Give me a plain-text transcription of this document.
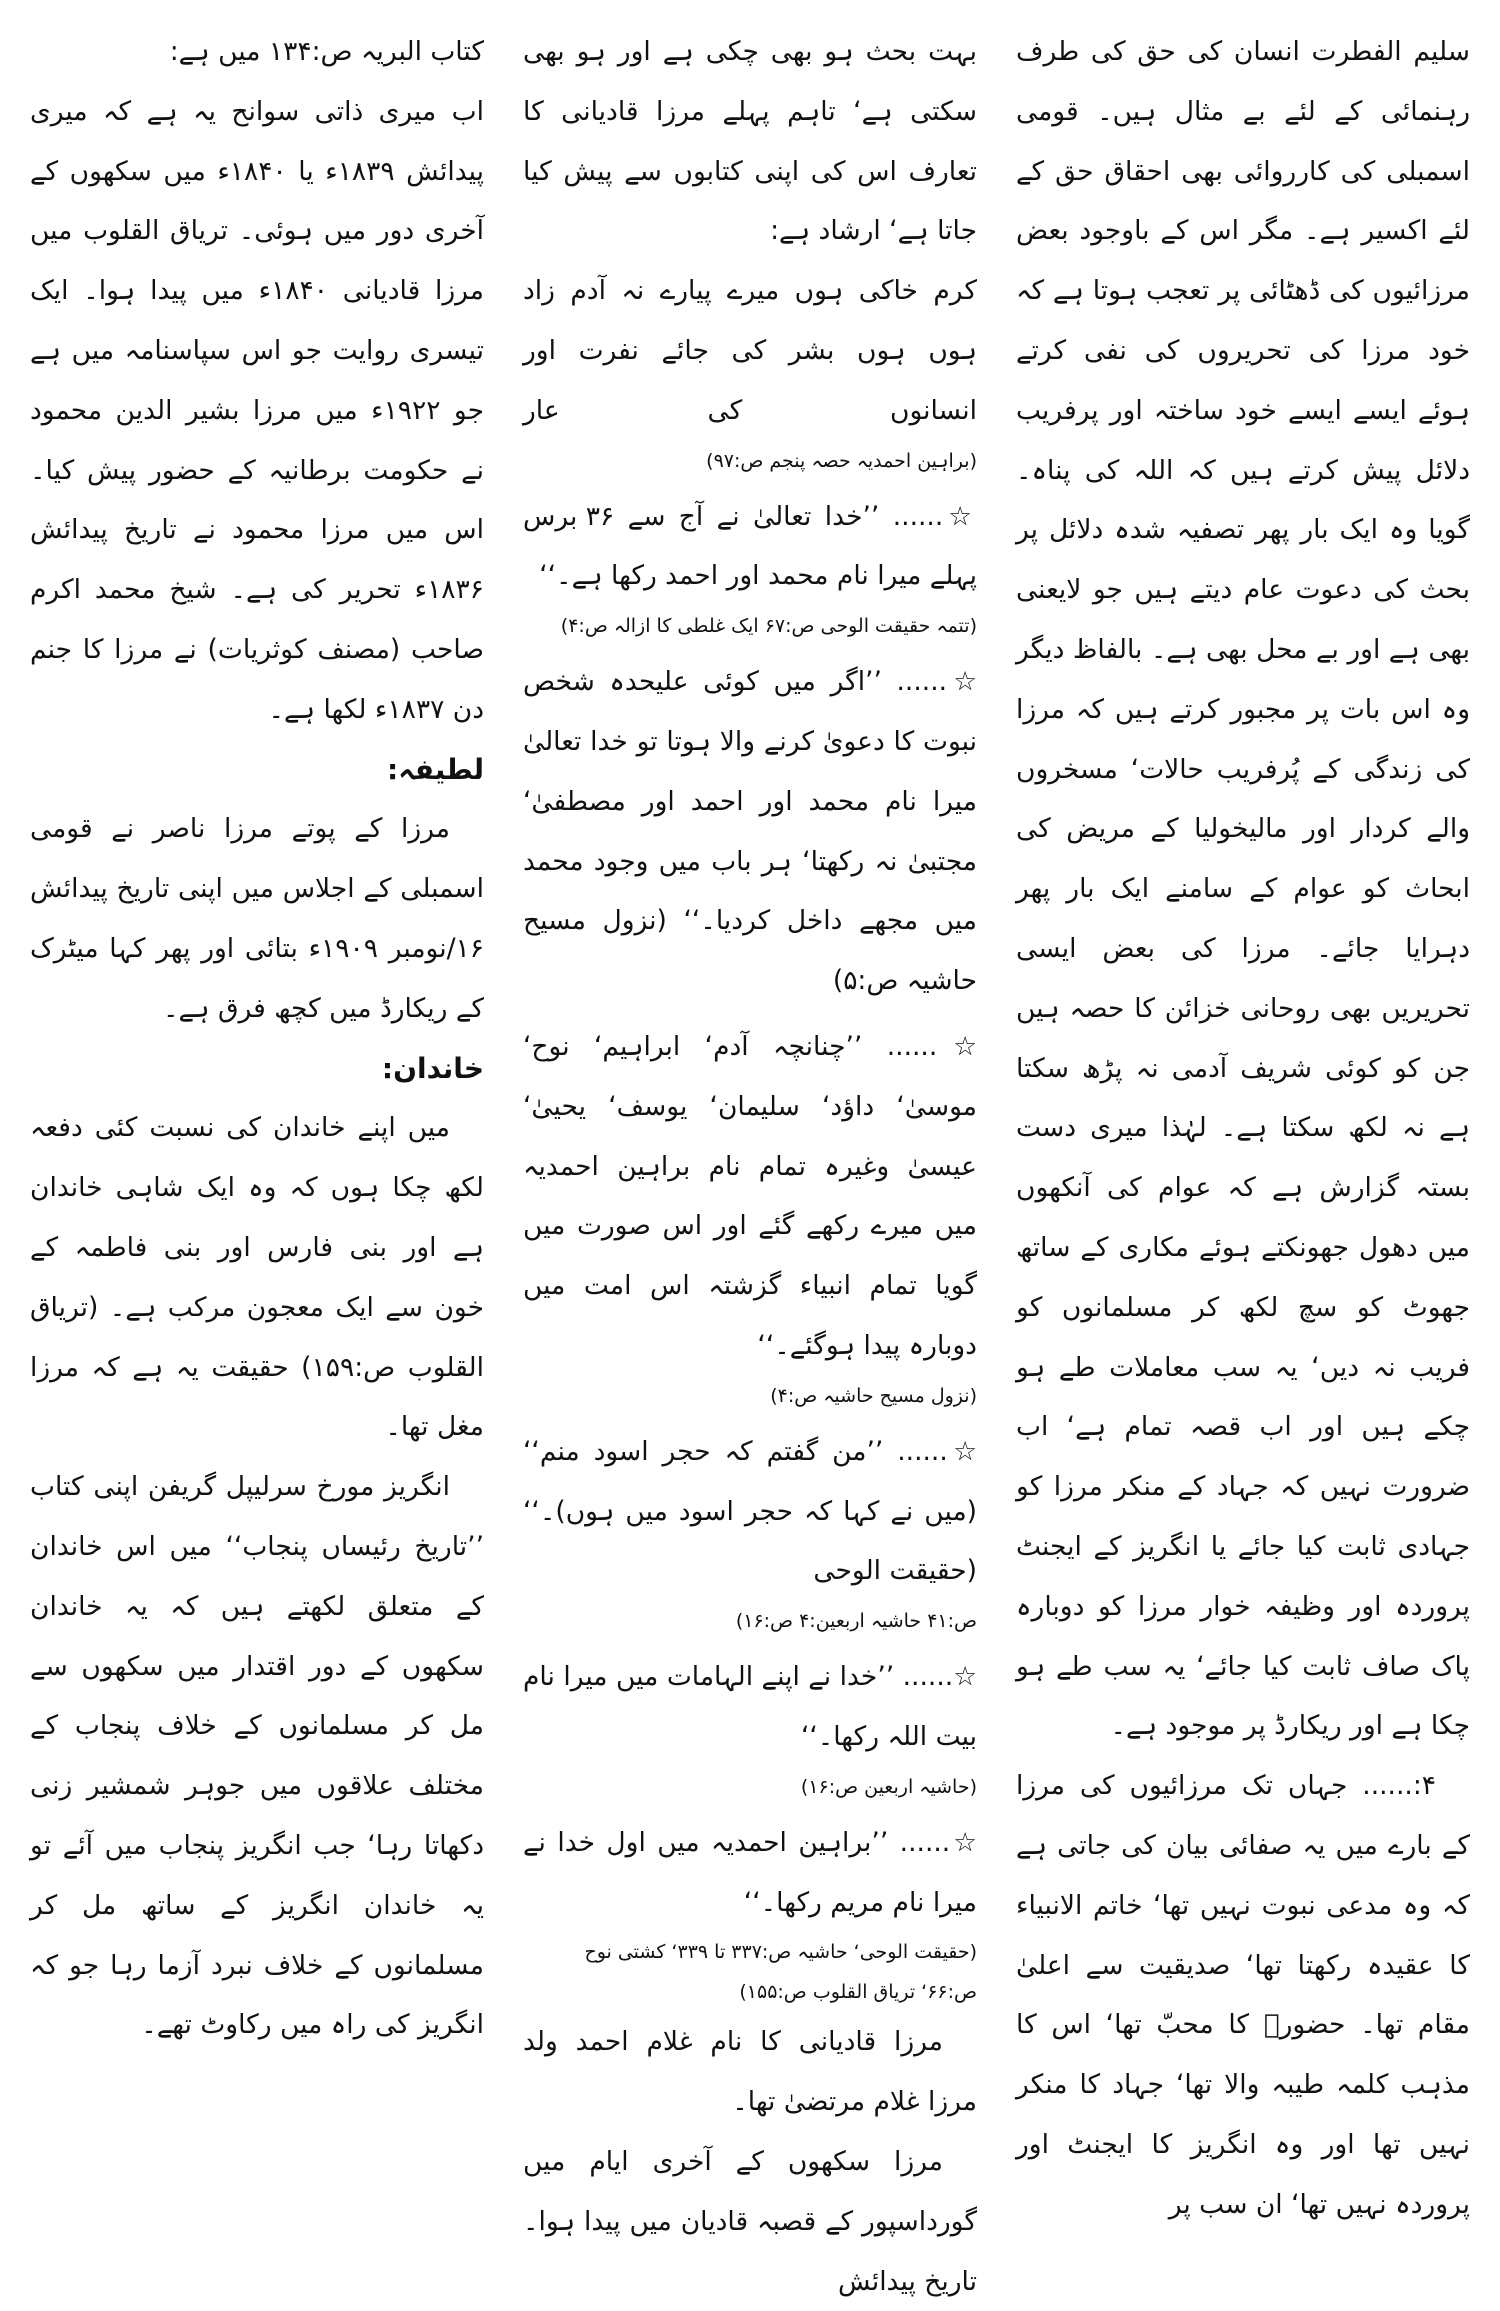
سلیم الفطرت انسان کی حق کی طرف رہنمائی کے لئے بے مثال ہیں۔ قومی اسمبلی کی کارروائی بھی احقاق حق کے لئے اکسیر ہے۔ مگر اس کے باوجود بعض مرزائیوں کی ڈھٹائی پر تعجب ہوتا ہے کہ خود مرزا کی تحریروں کی نفی کرتے ہوئے ایسے ایسے خود ساختہ اور پرفریب دلائل پیش کرتے ہیں کہ اللہ کی پناہ۔ گویا وہ ایک بار پھر تصفیہ شدہ دلائل پر بحث کی دعوت عام دیتے ہیں جو لایعنی بھی ہے اور بے محل بھی ہے۔ بالفاظ دیگر وہ اس بات پر مجبور کرتے ہیں کہ مرزا کی زندگی کے پُرفریب حالات‘ مسخروں والے کردار اور مالیخولیا کے مریض کی ابحاث کو عوام کے سامنے ایک بار پھر دہرایا جائے۔ مرزا کی بعض ایسی تحریریں بھی روحانی خزائن کا حصہ ہیں جن کو کوئی شریف آدمی نہ پڑھ سکتا ہے نہ لکھ سکتا ہے۔ لہٰذا میری دست بستہ گزارش ہے کہ عوام کی آنکھوں میں دھول جھونکتے ہوئے مکاری کے ساتھ جھوٹ کو سچ لکھ کر مسلمانوں کو فریب نہ دیں‘ یہ سب معاملات طے ہو چکے ہیں اور اب قصہ تمام ہے‘ اب ضرورت نہیں کہ جہاد کے منکر مرزا کو جہادی ثابت کیا جائے یا انگریز کے ایجنٹ پروردہ اور وظیفہ خوار مرزا کو دوبارہ پاک صاف ثابت کیا جائے‘ یہ سب طے ہو چکا ہے اور ریکارڈ پر موجود ہے۔

۴:...... جہاں تک مرزائیوں کی مرزا کے بارے میں یہ صفائی بیان کی جاتی ہے کہ وہ مدعی نبوت نہیں تھا‘ خاتم الانبیاء کا عقیدہ رکھتا تھا‘ صدیقیت سے اعلیٰ مقام تھا۔ حضورؐ کا محبّ تھا‘ اس کا مذہب کلمہ طیبہ والا تھا‘ جہاد کا منکر نہیں تھا اور وہ انگریز کا ایجنٹ اور پروردہ نہیں تھا‘ ان سب پر

بہت بحث ہو بھی چکی ہے اور ہو بھی سکتی ہے‘ تاہم پہلے مرزا قادیانی کا تعارف اس کی اپنی کتابوں سے پیش کیا جاتا ہے‘ ارشاد ہے:

کرم خاکی ہوں میرے پیارے نہ آدم زاد ہوں ہوں بشر کی جائے نفرت اور انسانوں کی عار

(براہین احمدیہ حصہ پنجم ص:۹۷)

☆...... ’’خدا تعالیٰ نے آج سے ۳۶ برس پہلے میرا نام محمد اور احمد رکھا ہے۔‘‘

(تتمہ حقیقت الوحی ص:۶۷ ایک غلطی کا ازالہ ص:۴)

☆...... ’’اگر میں کوئی علیحدہ شخص نبوت کا دعویٰ کرنے والا ہوتا تو خدا تعالیٰ میرا نام محمد اور احمد اور مصطفیٰ‘ مجتبیٰ نہ رکھتا‘ ہر باب میں وجود محمد میں مجھے داخل کردیا۔‘‘ (نزول مسیح حاشیہ ص:۵)

☆...... ’’چنانچہ آدم‘ ابراہیم‘ نوح‘ موسیٰ‘ داؤد‘ سلیمان‘ یوسف‘ یحییٰ‘ عیسیٰ وغیرہ تمام نام براہین احمدیہ میں میرے رکھے گئے اور اس صورت میں گویا تمام انبیاء گزشتہ اس امت میں دوبارہ پیدا ہوگئے۔‘‘

(نزول مسیح حاشیہ ص:۴)

☆...... ’’من گفتم کہ حجر اسود منم‘‘ (میں نے کہا کہ حجر اسود میں ہوں)۔‘‘ (حقیقت الوحی

ص:۴۱ حاشیہ اربعین:۴ ص:۱۶)

☆...... ’’خدا نے اپنے الہامات میں میرا نام بیت اللہ رکھا۔‘‘

(حاشیہ اربعین ص:۱۶)

☆...... ’’براہین احمدیہ میں اول خدا نے میرا نام مریم رکھا۔‘‘

(حقیقت الوحی‘ حاشیہ ص:۳۳۷ تا ۳۳۹‘ کشتی نوح ص:۶۶‘ تریاق القلوب ص:۱۵۵)

مرزا قادیانی کا نام غلام احمد ولد مرزا غلام مرتضیٰ تھا۔

مرزا سکھوں کے آخری ایام میں گورداسپور کے قصبہ قادیان میں پیدا ہوا۔ تاریخ پیدائش

کتاب البریہ ص:۱۳۴ میں ہے:

اب میری ذاتی سوانح یہ ہے کہ میری پیدائش ۱۸۳۹ء یا ۱۸۴۰ء میں سکھوں کے آخری دور میں ہوئی۔ تریاق القلوب میں مرزا قادیانی ۱۸۴۰ء میں پیدا ہوا۔ ایک تیسری روایت جو اس سپاسنامہ میں ہے جو ۱۹۲۲ء میں مرزا بشیر الدین محمود نے حکومت برطانیہ کے حضور پیش کیا۔ اس میں مرزا محمود نے تاریخ پیدائش ۱۸۳۶ء تحریر کی ہے۔ شیخ محمد اکرم صاحب (مصنف کوثریات) نے مرزا کا جنم دن ۱۸۳۷ء لکھا ہے۔

لطیفہ:

مرزا کے پوتے مرزا ناصر نے قومی اسمبلی کے اجلاس میں اپنی تاریخ پیدائش ۱۶/نومبر ۱۹۰۹ء بتائی اور پھر کہا میٹرک کے ریکارڈ میں کچھ فرق ہے۔

خاندان:

میں اپنے خاندان کی نسبت کئی دفعہ لکھ چکا ہوں کہ وہ ایک شاہی خاندان ہے اور بنی فارس اور بنی فاطمہ کے خون سے ایک معجون مرکب ہے۔ (تریاق القلوب ص:۱۵۹) حقیقت یہ ہے کہ مرزا مغل تھا۔

انگریز مورخ سرلیپل گریفن اپنی کتاب ’’تاریخ رئیساں پنجاب‘‘ میں اس خاندان کے متعلق لکھتے ہیں کہ یہ خاندان سکھوں کے دور اقتدار میں سکھوں سے مل کر مسلمانوں کے خلاف پنجاب کے مختلف علاقوں میں جوہر شمشیر زنی دکھاتا رہا‘ جب انگریز پنجاب میں آئے تو یہ خاندان انگریز کے ساتھ مل کر مسلمانوں کے خلاف نبرد آزما رہا جو کہ انگریز کی راہ میں رکاوٹ تھے۔
